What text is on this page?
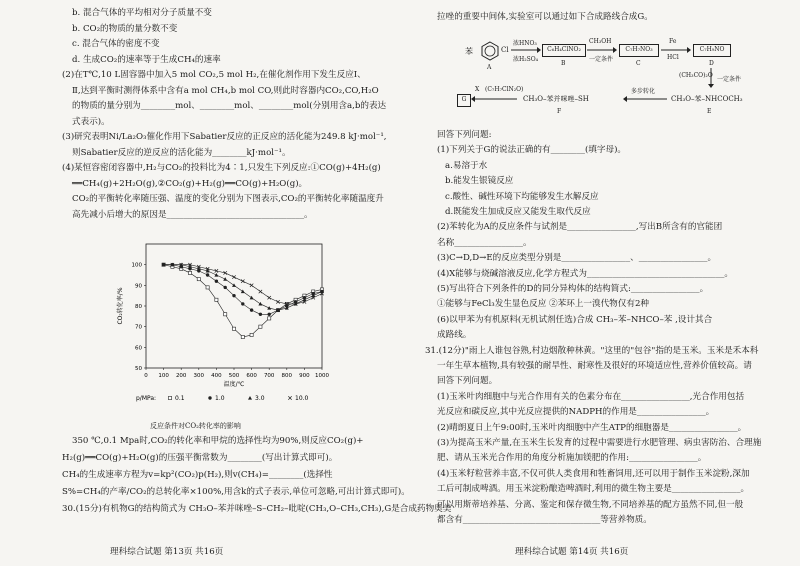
b. 混合气体的平均相对分子质量不变
b. CO₂的物质的量分数不变
c. 混合气体的密度不变
d. 生成CO₂的速率等于生成CH₄的速率
(2)在T℃,10 L固容器中加入5 mol CO₂,5 mol H₂,在催化剂作用下发生反应I、
Ⅱ,达到平衡时测得体系中含有a mol CH₄,b mol CO,则此时容器内CO₂,CO,H₂O
的物质的量分别为________mol、________mol、________mol(分别用含a,b的表达
式表示)。
(3)研究表明Ni/La₂O₃催化作用下Sabatier反应的正反应的活化能为249.8 kJ·mol⁻¹,
则Sabatier反应的逆反应的活化能为________kJ·mol⁻¹。
(4)某恒容密闭容器中,H₂与CO₂的投料比为4∶1,只发生下列反应:①CO(g)+4H₂(g)
══CH₄(g)+2H₂O(g),②CO₂(g)+H₂(g)══CO(g)+H₂O(g)。
CO₂的平衡转化率随压强、温度的变化分别为下图表示,CO₂的平衡转化率随温度升
高先减小后增大的原因是________________________________。
0 100 200 300 400 500 600 700 800 900 1000
50
60
70
80
90
100
温度/℃
CO₂转化率/%
p/MPa:	0.1	1.0	3.0	10.0
反应条件对CO₂转化率的影响
350 ℃,0.1 Mpa时,CO₂的转化率和甲烷的选择性均为90%,则反应CO₂(g)+
H₂(g)══CO(g)+H₂O(g)的压强平衡常数为________(写出计算式即可)。
CH₄的生成速率方程为v=kp²(CO₂)p(H₂),则v(CH₄)=________(选择性
S%=CH₄的产率/CO₂的总转化率×100%,用含k的式子表示,单位可忽略,可出计算式即可)。
30.(15分)有机物G的结构简式为 CH₃O–苯并咪唑–S–CH₂–吡啶(CH₃,O–CH₃,CH₃),G是合成药物奥美
理科综合试题 第13页 共16页
拉唑的重要中间体,实验室可以通过如下合成路线合成G。
苯	Cl
A
浓HNO₃
浓H₂SO₄
C₆H₄ClNO₂
B
CH₃OH
一定条件
C₇H₇NO₃
C
Fe
HCl
C₇H₉NO
D
(CH₃CO)₂O
一定条件
G
X (C₇H₇ClN₂O)
CH₃O–苯并咪唑–SH
F
多步转化
CH₃O–苯–NHCOCH₃
E
回答下列问题:
(1)下列关于G的说法正确的有________(填字母)。
a.易溶于水
b.能发生银镜反应
c.酸性、碱性环境下均能够发生水解反应
d.既能发生加成反应又能发生取代反应
(2)苯转化为A的反应条件与试剂是________________,写出B所含有的官能团
名称________________。
(3)C→D,D→E的反应类型分别是________________、________________。
(4)X能够与烧碱溶液反应,化学方程式为________________________________。
(5)写出符合下列条件的D的同分异构体的结构简式:________________。
①能够与FeCl₃发生显色反应 ②苯环上一溴代物仅有2种
(6)以甲苯为有机原料(无机试剂任选)合成 CH₃–苯–NHCO–苯 ,设计其合
成路线。
31.(12分)"雨上人谁包谷熟,村边烟散种林黄。"这里的"包谷"指的是玉米。玉米是禾本科
一年生草本植物,具有较强的耐旱性、耐寒性及很好的环境适应性,营养价值较高。请
回答下列问题。
(1)玉米叶肉细胞中与光合作用有关的色素分布在________________,光合作用包括
光反应和碳反应,其中光反应提供的NADPH的作用是________________。
(2)晴朗夏日上午9:00时,玉米叶肉细胞中产生ATP的细胞器是________________。
(3)为提高玉米产量,在玉米生长发育的过程中需要进行水肥管理、病虫害防治、合理施
肥、请从玉米光合作用的角度分析施加镁肥的作用:________________。
(4)玉米籽粒营养丰富,不仅可供人类食用和牲畜饲用,还可以用于制作玉米淀粉,深加
工后可制成啤酒。用玉米淀粉酿造啤酒时,利用的微生物主要是________________。
可以用斯蒂培养基、分离、鉴定和保存微生物,不同培养基的配方虽然不同,但一般
都含有________________________________等营养物质。
理科综合试题 第14页 共16页
